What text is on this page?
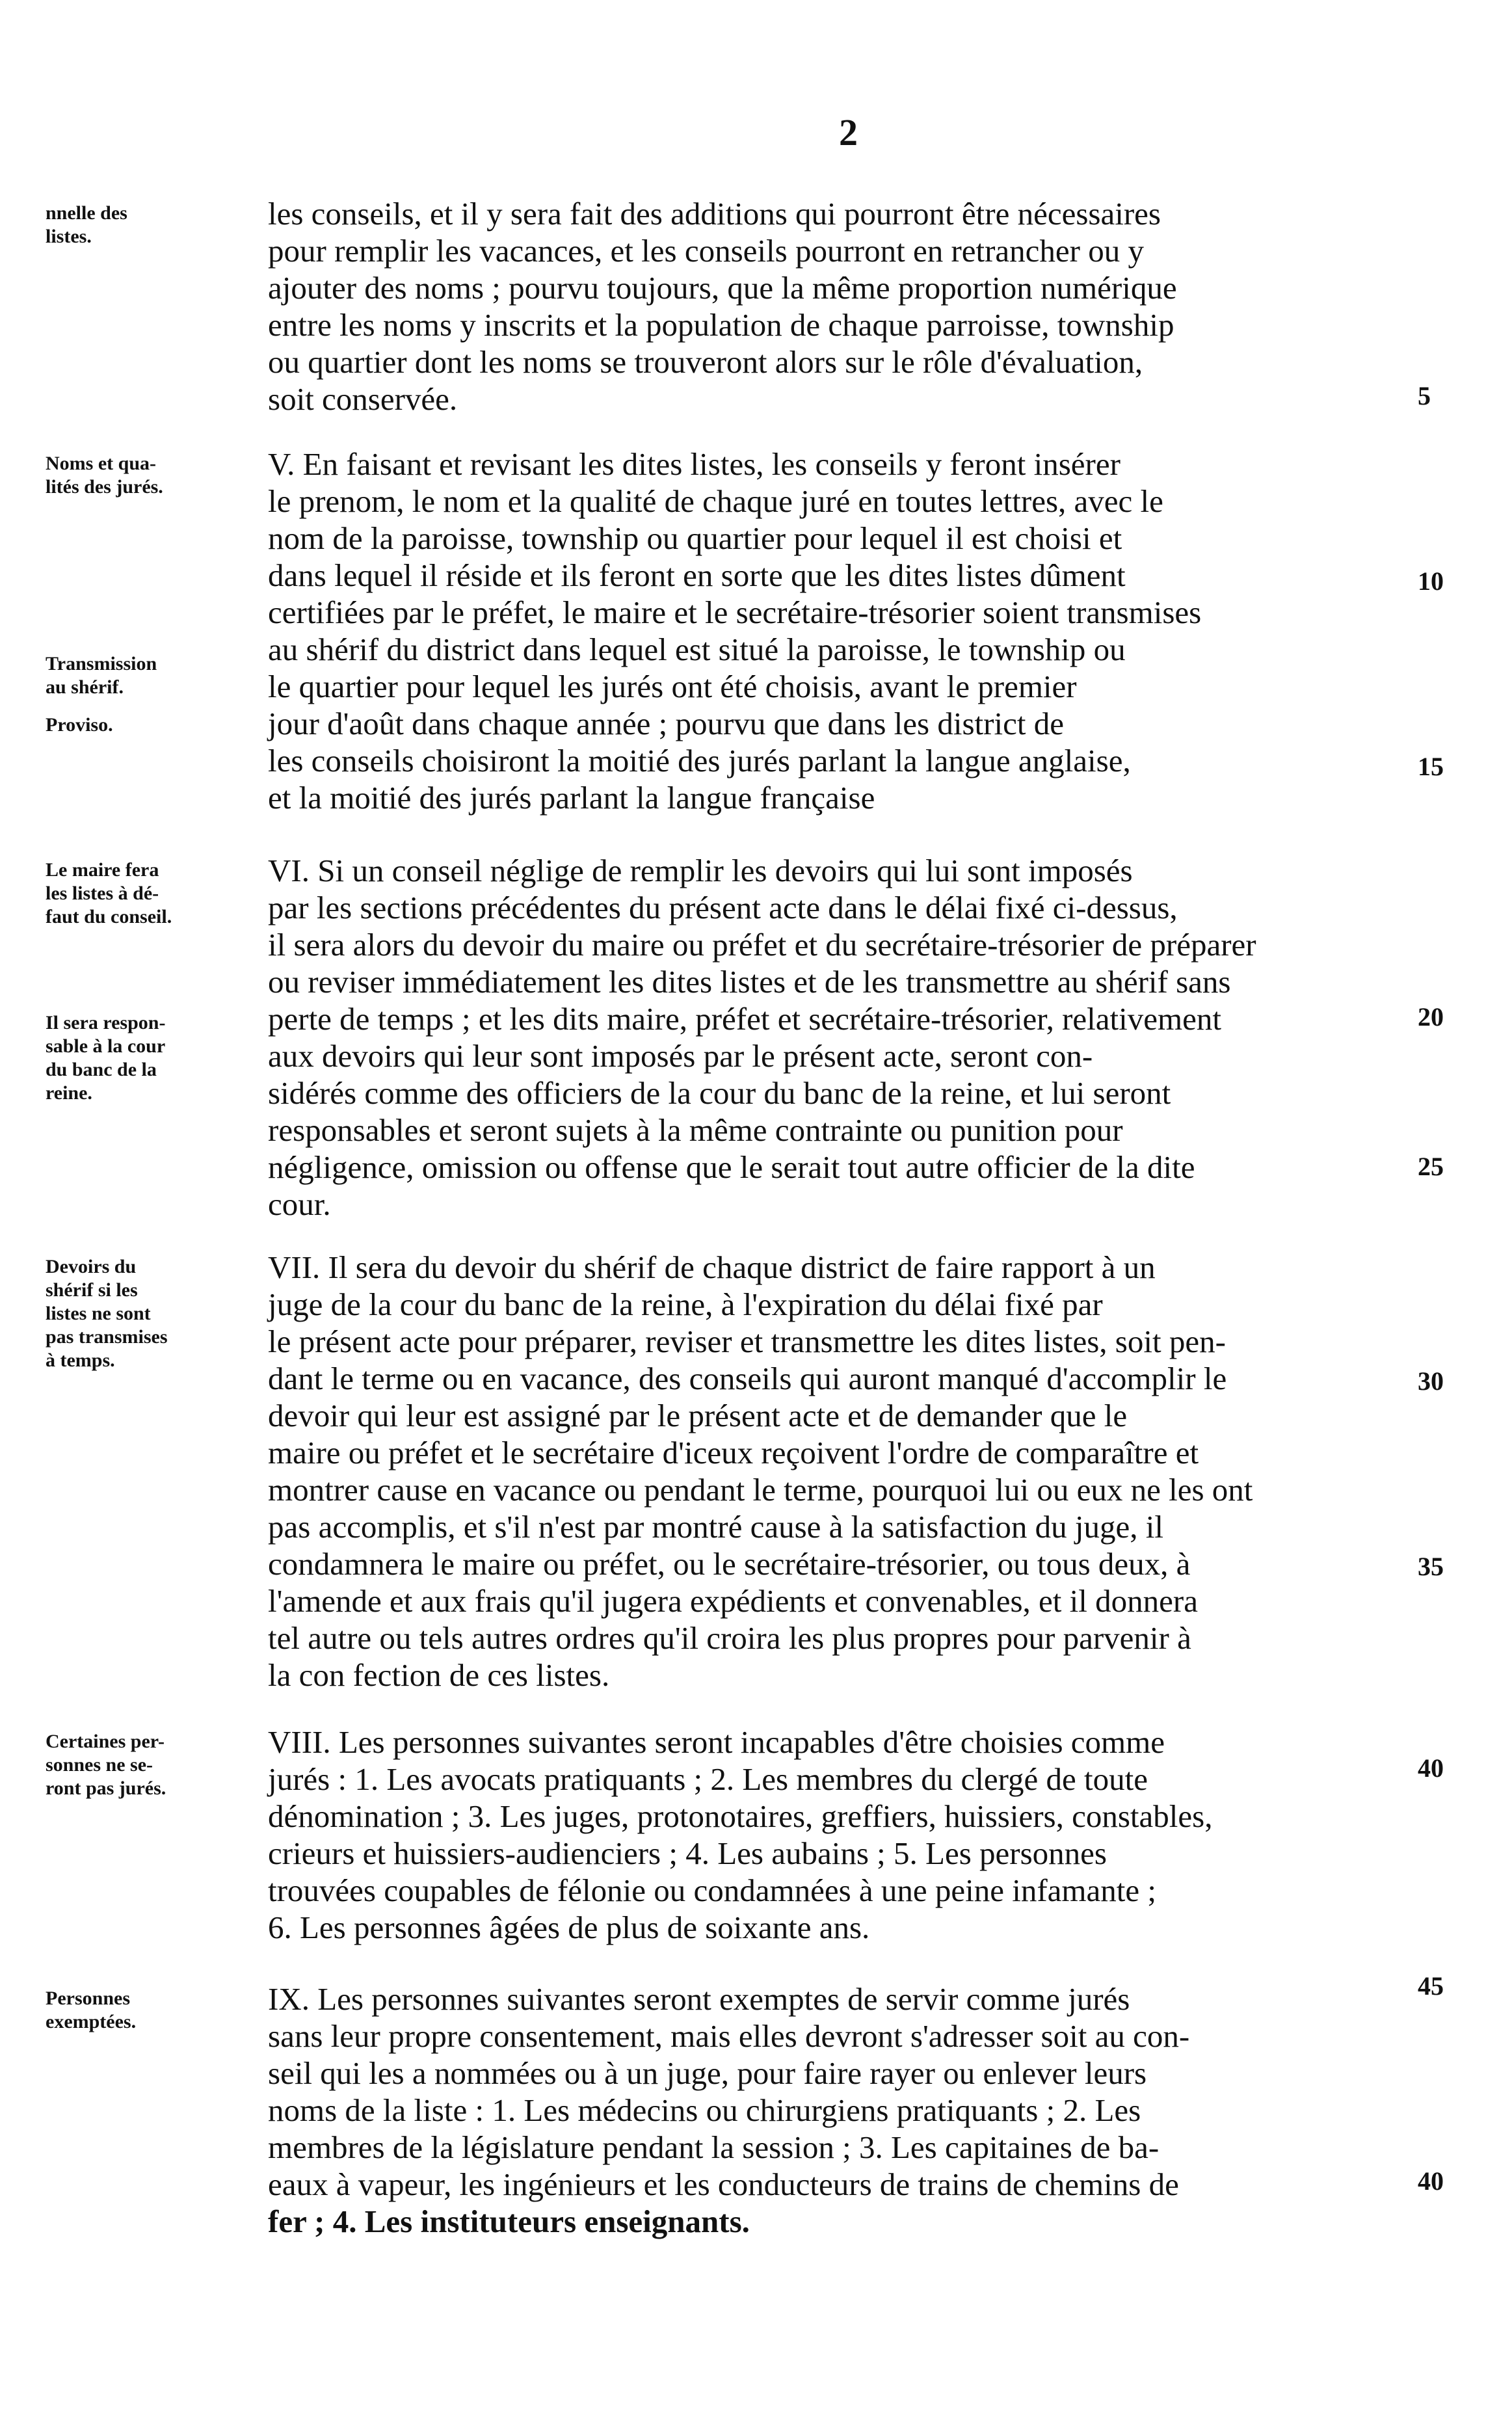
2
nnelle des
listes.
les conseils, et il y sera fait des additions qui pourront être nécessaires
pour remplir les vacances, et les conseils pourront en retrancher ou y
ajouter des noms ; pourvu toujours, que la même proportion numérique
entre les noms y inscrits et la population de chaque parroisse, township
ou quartier dont les noms se trouveront alors sur le rôle d'évaluation,
soit conservée.
Noms et qua-
lités des jurés.
Transmission
au shérif.
Proviso.
V. En faisant et revisant les dites listes, les conseils y feront insérer
le prenom, le nom et la qualité de chaque juré en toutes lettres, avec le
nom de la paroisse, township ou quartier pour lequel il est choisi et
dans lequel il réside et ils feront en sorte que les dites listes dûment
certifiées par le préfet, le maire et le secrétaire-trésorier soient transmises
au shérif du district dans lequel est situé la paroisse, le township ou
le quartier pour lequel les jurés ont été choisis, avant le premier
jour d'août dans chaque année ; pourvu que dans les district de
les conseils choisiront la moitié des jurés parlant la langue anglaise,
et la moitié des jurés parlant la langue française
Le maire fera
les listes à dé-
faut du conseil.
Il sera respon-
sable à la cour
du banc de la
reine.
VI. Si un conseil néglige de remplir les devoirs qui lui sont imposés
par les sections précédentes du présent acte dans le délai fixé ci-dessus,
il sera alors du devoir du maire ou préfet et du secrétaire-trésorier de préparer
ou reviser immédiatement les dites listes et de les transmettre au shérif sans
perte de temps ; et les dits maire, préfet et secrétaire-trésorier, relativement
aux devoirs qui leur sont imposés par le présent acte, seront con-
sidérés comme des officiers de la cour du banc de la reine, et lui seront
responsables et seront sujets à la même contrainte ou punition pour
négligence, omission ou offense que le serait tout autre officier de la dite
cour.
Devoirs du
shérif si les
listes ne sont
pas transmises
à temps.
VII. Il sera du devoir du shérif de chaque district de faire rapport à un
juge de la cour du banc de la reine, à l'expiration du délai fixé par
le présent acte pour préparer, reviser et transmettre les dites listes, soit pen-
dant le terme ou en vacance, des conseils qui auront manqué d'accomplir le
devoir qui leur est assigné par le présent acte et de demander que le
maire ou préfet et le secrétaire d'iceux reçoivent l'ordre de comparaître et
montrer cause en vacance ou pendant le terme, pourquoi lui ou eux ne les ont
pas accomplis, et s'il n'est par montré cause à la satisfaction du juge, il
condamnera le maire ou préfet, ou le secrétaire-trésorier, ou tous deux, à
l'amende et aux frais qu'il jugera expédients et convenables, et il donnera
tel autre ou tels autres ordres qu'il croira les plus propres pour parvenir à
la con fection de ces listes.
Certaines per-
sonnes ne se-
ront pas jurés.
VIII. Les personnes suivantes seront incapables d'être choisies comme
jurés : 1. Les avocats pratiquants ; 2. Les membres du clergé de toute
dénomination ; 3. Les juges, protonotaires, greffiers, huissiers, constables,
crieurs et huissiers-audienciers ; 4. Les aubains ; 5. Les personnes
trouvées coupables de félonie ou condamnées à une peine infamante ;
6. Les personnes âgées de plus de soixante ans.
Personnes
exemptées.
IX. Les personnes suivantes seront exemptes de servir comme jurés
sans leur propre consentement, mais elles devront s'adresser soit au con-
seil qui les a nommées ou à un juge, pour faire rayer ou enlever leurs
noms de la liste : 1. Les médecins ou chirurgiens pratiquants ; 2. Les
membres de la législature pendant la session ; 3. Les capitaines de ba-
eaux à vapeur, les ingénieurs et les conducteurs de trains de chemins de
fer ; 4. Les instituteurs enseignants.
5
10
15
20
25
30
35
40
45
40
